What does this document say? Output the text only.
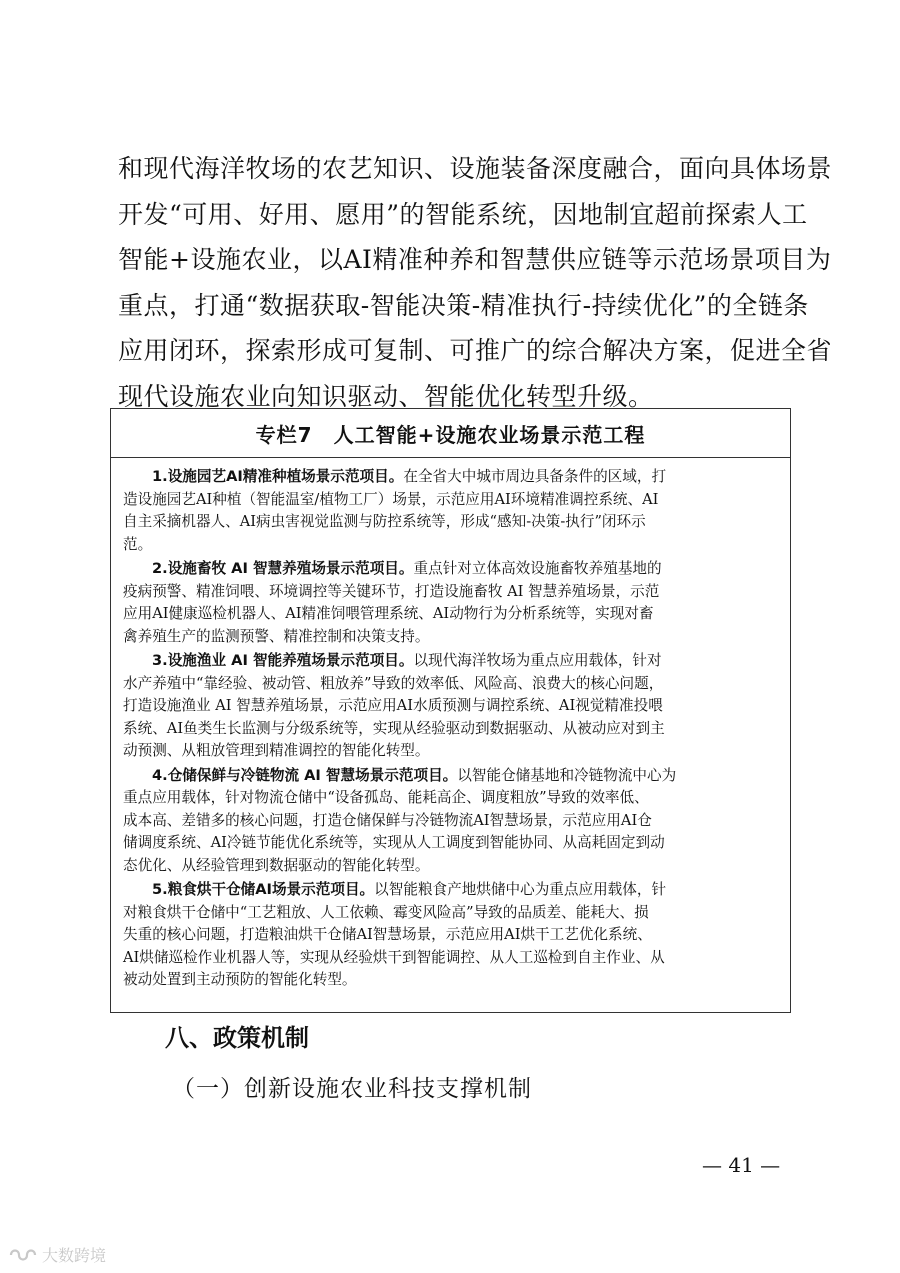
和现代海洋牧场的农艺知识、设施装备深度融合，面向具体场景
开发“可用、好用、愿用”的智能系统，因地制宜超前探索人工
智能+设施农业，以AI精准种养和智慧供应链等示范场景项目为
重点，打通“数据获取-智能决策-精准执行-持续优化”的全链条
应用闭环，探索形成可复制、可推广的综合解决方案，促进全省
现代设施农业向知识驱动、智能优化转型升级。
专栏7　人工智能+设施农业场景示范工程
1.设施园艺AI精准种植场景示范项目。在全省大中城市周边具备条件的区域，打
造设施园艺AI种植（智能温室/植物工厂）场景，示范应用AI环境精准调控系统、AI
自主采摘机器人、AI病虫害视觉监测与防控系统等，形成“感知-决策-执行”闭环示
范。
2.设施畜牧 AI 智慧养殖场景示范项目。重点针对立体高效设施畜牧养殖基地的
疫病预警、精准饲喂、环境调控等关键环节，打造设施畜牧 AI 智慧养殖场景，示范
应用AI健康巡检机器人、AI精准饲喂管理系统、AI动物行为分析系统等，实现对畜
禽养殖生产的监测预警、精准控制和决策支持。
3.设施渔业 AI 智能养殖场景示范项目。以现代海洋牧场为重点应用载体，针对
水产养殖中“靠经验、被动管、粗放养”导致的效率低、风险高、浪费大的核心问题，
打造设施渔业 AI 智慧养殖场景，示范应用AI水质预测与调控系统、AI视觉精准投喂
系统、AI鱼类生长监测与分级系统等，实现从经验驱动到数据驱动、从被动应对到主
动预测、从粗放管理到精准调控的智能化转型。
4.仓储保鲜与冷链物流 AI 智慧场景示范项目。以智能仓储基地和冷链物流中心为
重点应用载体，针对物流仓储中“设备孤岛、能耗高企、调度粗放”导致的效率低、
成本高、差错多的核心问题，打造仓储保鲜与冷链物流AI智慧场景，示范应用AI仓
储调度系统、AI冷链节能优化系统等，实现从人工调度到智能协同、从高耗固定到动
态优化、从经验管理到数据驱动的智能化转型。
5.粮食烘干仓储AI场景示范项目。以智能粮食产地烘储中心为重点应用载体，针
对粮食烘干仓储中“工艺粗放、人工依赖、霉变风险高”导致的品质差、能耗大、损
失重的核心问题，打造粮油烘干仓储AI智慧场景，示范应用AI烘干工艺优化系统、
AI烘储巡检作业机器人等，实现从经验烘干到智能调控、从人工巡检到自主作业、从
被动处置到主动预防的智能化转型。

八、政策机制

（一）创新设施农业科技支撑机制

— 41 —

大数跨境
